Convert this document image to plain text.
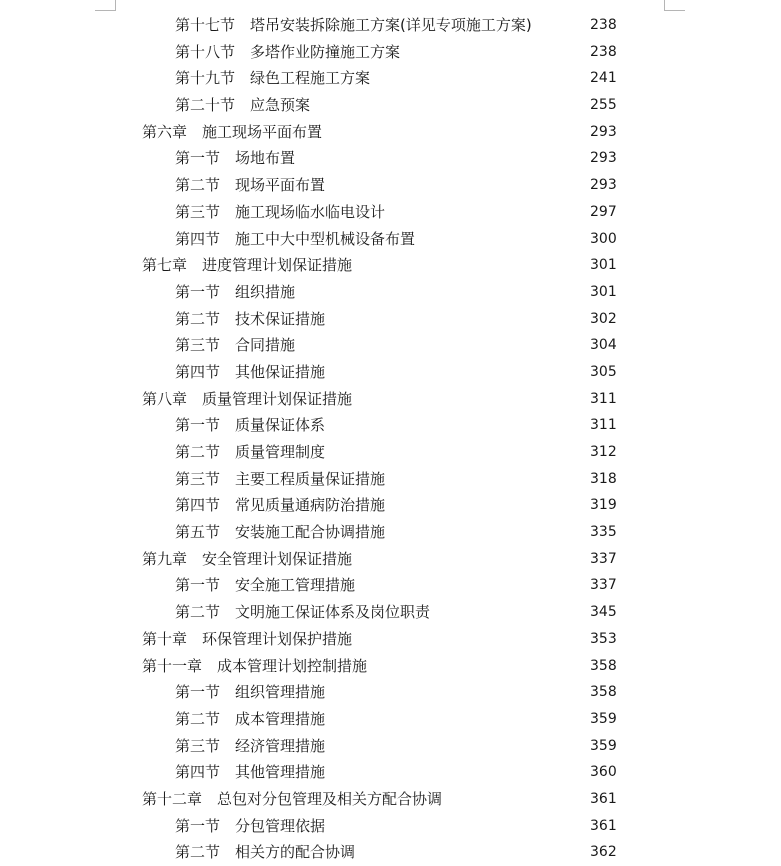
第十七节 塔吊安装拆除施工方案(详见专项施工方案)	238
第十八节 多塔作业防撞施工方案	238
第十九节 绿色工程施工方案	241
第二十节 应急预案	255
第六章 施工现场平面布置	293
第一节 场地布置	293
第二节 现场平面布置	293
第三节 施工现场临水临电设计	297
第四节 施工中大中型机械设备布置	300
第七章 进度管理计划保证措施	301
第一节 组织措施	301
第二节 技术保证措施	302
第三节 合同措施	304
第四节 其他保证措施	305
第八章 质量管理计划保证措施	311
第一节 质量保证体系	311
第二节 质量管理制度	312
第三节 主要工程质量保证措施	318
第四节 常见质量通病防治措施	319
第五节 安装施工配合协调措施	335
第九章 安全管理计划保证措施	337
第一节 安全施工管理措施	337
第二节 文明施工保证体系及岗位职责	345
第十章 环保管理计划保护措施	353
第十一章 成本管理计划控制措施	358
第一节 组织管理措施	358
第二节 成本管理措施	359
第三节 经济管理措施	359
第四节 其他管理措施	360
第十二章 总包对分包管理及相关方配合协调	361
第一节 分包管理依据	361
第二节 相关方的配合协调	362
